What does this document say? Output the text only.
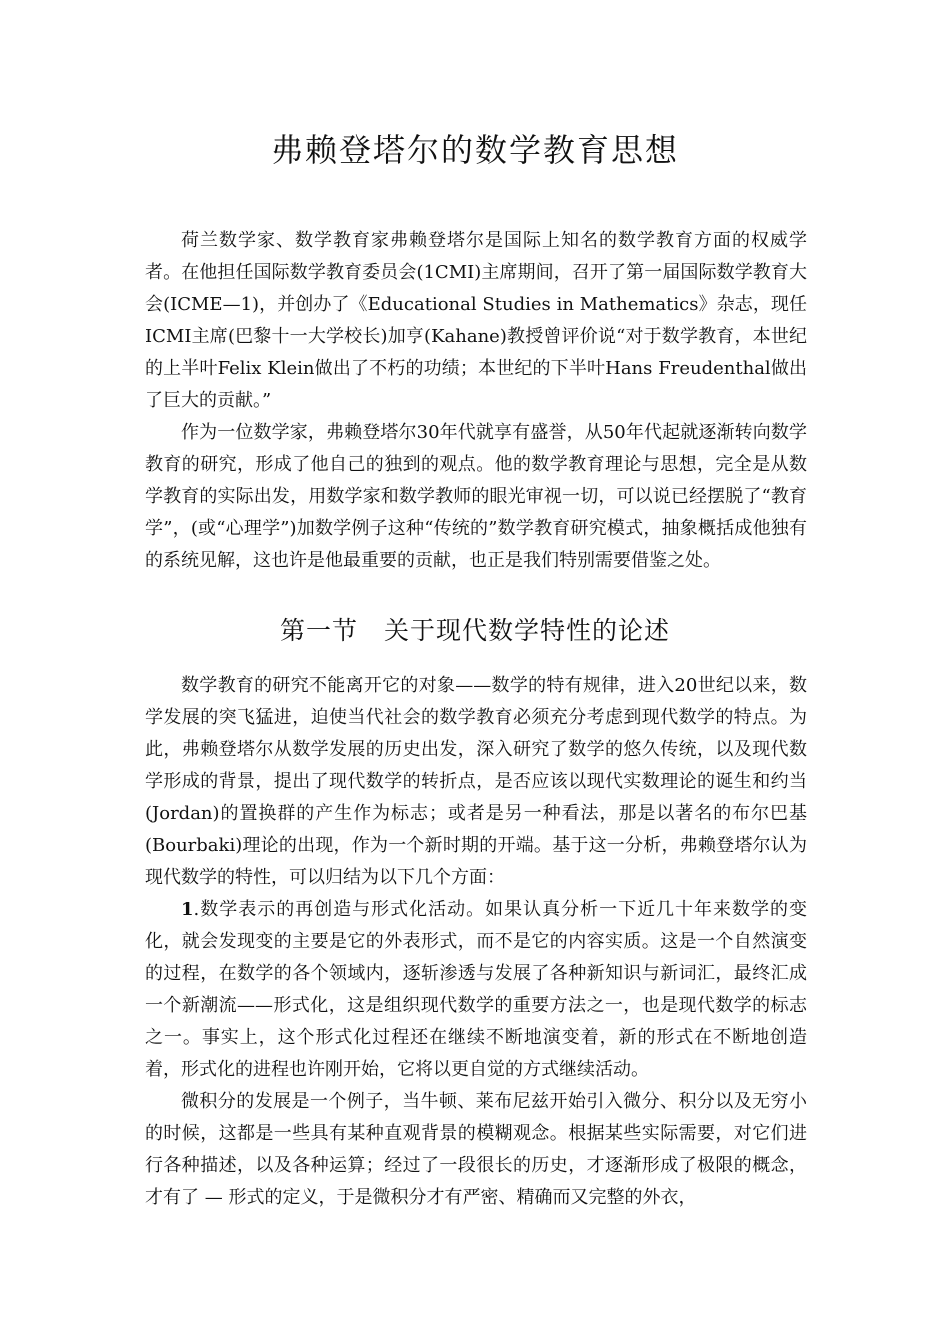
弗赖登塔尔的数学教育思想

荷兰数学家、数学教育家弗赖登塔尔是国际上知名的数学教育方面的权威学者。在他担任国际数学教育委员会(1CMI)主席期间，召开了第一届国际数学教育大会(ICME—1)，并创办了《Educational Studies in Mathematics》杂志，现任ICMI主席(巴黎十一大学校长)加亨(Kahane)教授曾评价说“对于数学教育，本世纪的上半叶Felix Klein做出了不朽的功绩；本世纪的下半叶Hans Freudenthal做出了巨大的贡献。”

作为一位数学家，弗赖登塔尔30年代就享有盛誉，从50年代起就逐渐转向数学教育的研究，形成了他自己的独到的观点。他的数学教育理论与思想，完全是从数学教育的实际出发，用数学家和数学教师的眼光审视一切，可以说已经摆脱了“教育学”，(或“心理学”)加数学例子这种“传统的”数学教育研究模式，抽象概括成他独有的系统见解，这也许是他最重要的贡献，也正是我们特别需要借鉴之处。

第一节 关于现代数学特性的论述

数学教育的研究不能离开它的对象——数学的特有规律，进入20世纪以来，数学发展的突飞猛进，迫使当代社会的数学教育必须充分考虑到现代数学的特点。为此，弗赖登塔尔从数学发展的历史出发，深入研究了数学的悠久传统，以及现代数学形成的背景，提出了现代数学的转折点，是否应该以现代实数理论的诞生和约当(Jordan)的置换群的产生作为标志；或者是另一种看法，那是以著名的布尔巴基(Bourbaki)理论的出现，作为一个新时期的开端。基于这一分析，弗赖登塔尔认为现代数学的特性，可以归结为以下几个方面：

1.数学表示的再创造与形式化活动。如果认真分析一下近几十年来数学的变化，就会发现变的主要是它的外表形式，而不是它的内容实质。这是一个自然演变的过程，在数学的各个领域内，逐斩渗透与发展了各种新知识与新词汇，最终汇成一个新潮流——形式化，这是组织现代数学的重要方法之一，也是现代数学的标志之一。事实上，这个形式化过程还在继续不断地演变着，新的形式在不断地创造着，形式化的进程也许刚开始，它将以更自觉的方式继续活动。

微积分的发展是一个例子，当牛顿、莱布尼兹开始引入微分、积分以及无穷小的时候，这都是一些具有某种直观背景的模糊观念。根据某些实际需要，对它们进行各种描述，以及各种运算；经过了一段很长的历史，才逐渐形成了极限的概念，才有了 — 形式的定义，于是微积分才有严密、精确而又完整的外衣，
